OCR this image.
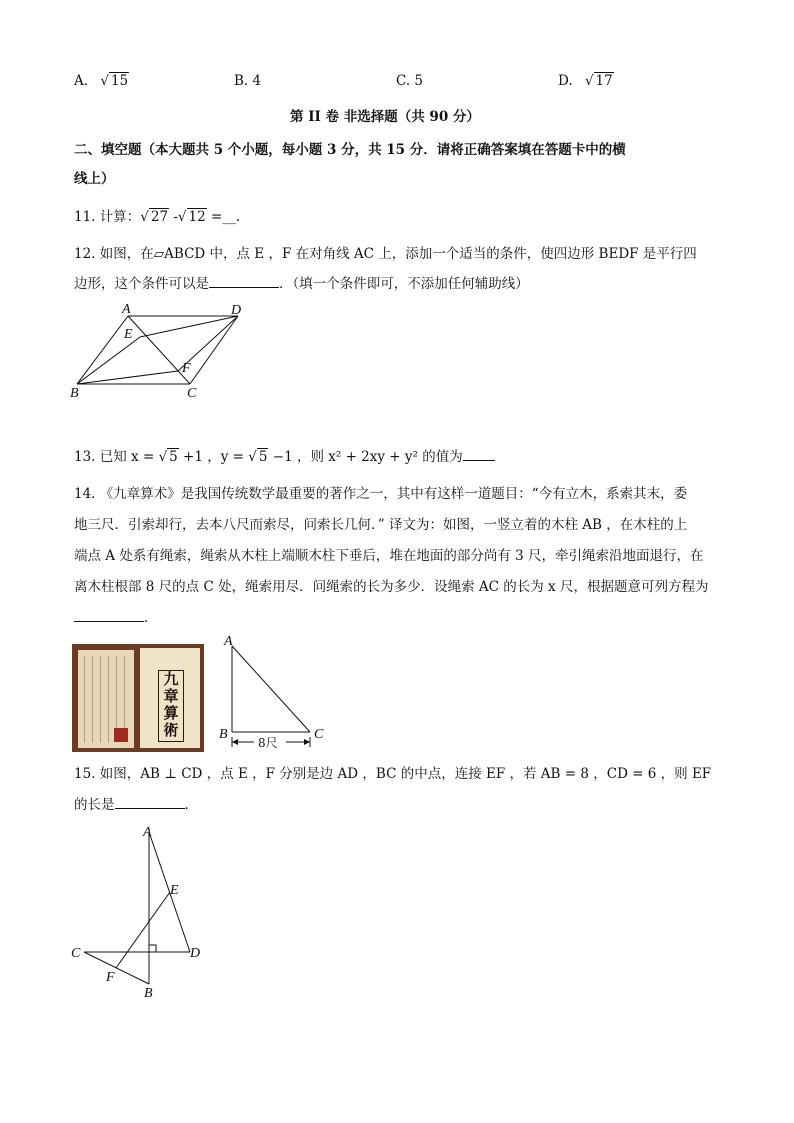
A. √ 15	B. 4	C. 5	D. √ 17
第 II 卷 非选择题（共 90 分）
二、填空题（本大题共 5 个小题，每小题 3 分，共 15 分．请将正确答案填在答题卡中的横
线上）
11. 计算：√ 27 -√ 12 =__.
12. 如图，在▱ABCD 中，点 E ，F 在对角线 AC 上，添加一个适当的条件，使四边形 BEDF 是平行四
边形，这个条件可以是	．（填一个条件即可，不添加任何辅助线）
A	D
E
F
B	C
13. 已知 x = √ 5 +1 ，y = √ 5 −1 ，则 x² + 2xy + y² 的值为
14. 《九章算术》是我国传统数学最重要的著作之一，其中有这样一道题目：“今有立木，系索其末，委
地三尺．引索却行，去本八尺而索尽，问索长几何．” 译文为：如图，一竖立着的木柱 AB ，在木柱的上
端点 A 处系有绳索，绳索从木柱上端顺木柱下垂后，堆在地面的部分尚有 3 尺，牵引绳索沿地面退行，在
离木柱根部 8 尺的点 C 处，绳索用尽．问绳索的长为多少．设绳索 AC 的长为 x 尺，根据题意可列方程为
．
九章算術
A
B	C
8尺
15. 如图，AB ⊥ CD ，点 E ，F 分别是边 AD ，BC 的中点，连接 EF ，若 AB = 8 ，CD = 6 ，则 EF
的长是	．
A
E
C	D
F
B
